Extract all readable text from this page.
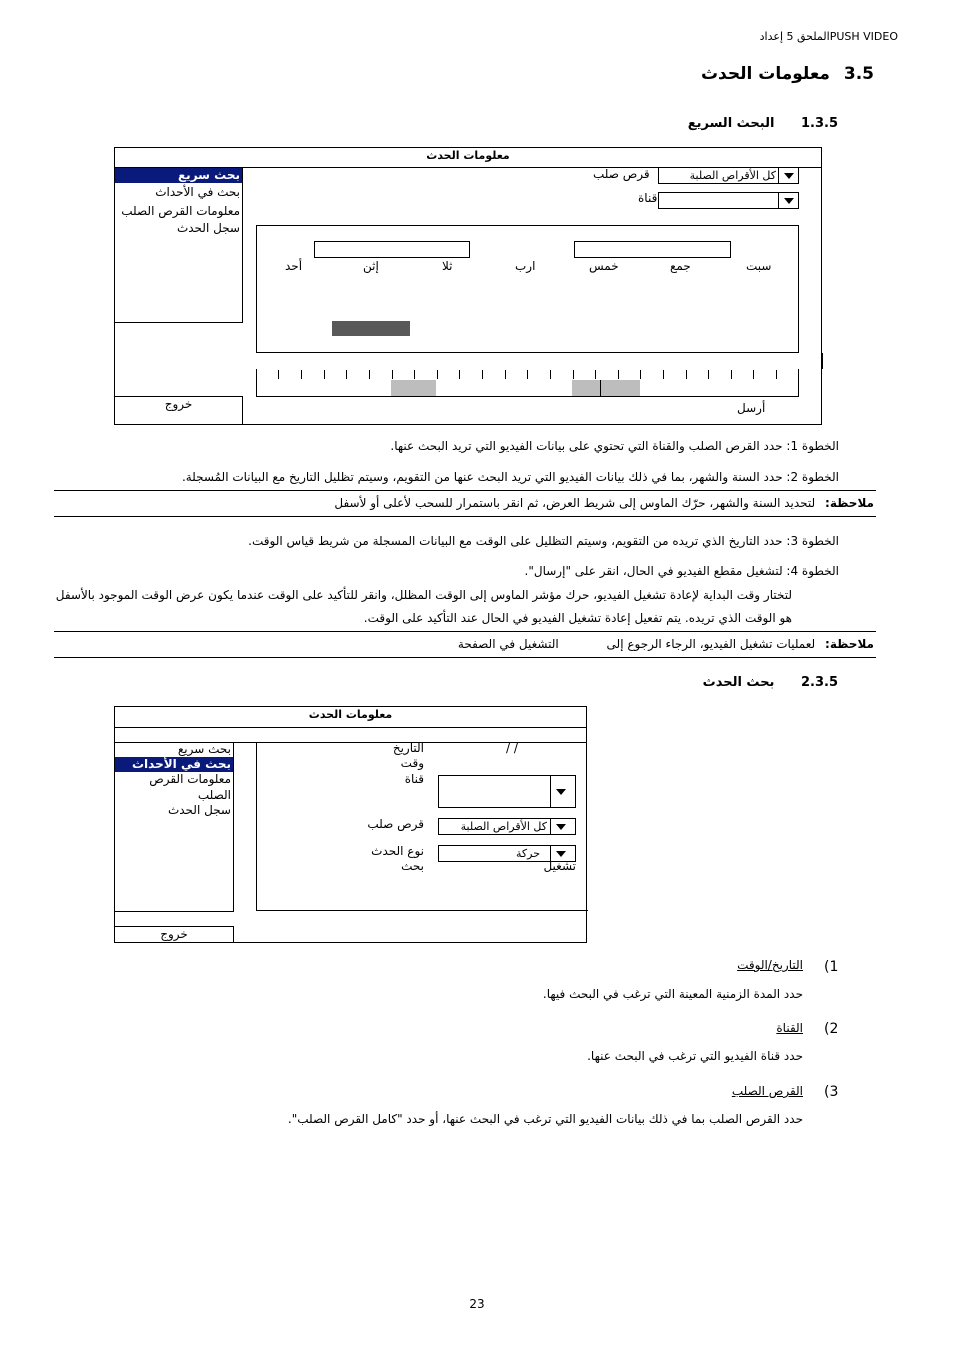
الملحق 5 إعدادPUSH VIDEO
3.5 معلومات الحدث
1.3.5 البحث السريع
معلومات الحدث
بحث سريع
بحث في الأحداث
معلومات القرص الصلب
سجل الحدث
خروج
قرص صلب	كل الأقراص الصلبة
قناة
أحد	إثن	ثلا	ارب	خمس	جمع	سبت
أرسل
الخطوة 1: حدد القرص الصلب والقناة التي تحتوي على بيانات الفيديو التي تريد البحث عنها.
الخطوة 2: حدد السنة والشهر، بما في ذلك بيانات الفيديو التي تريد البحث عنها من التقويم، وسيتم تظليل التاريخ مع البيانات المُسجلة.
ملاحظة: لتحديد السنة والشهر، حرّك الماوس إلى شريط العرض، ثم انقر باستمرار للسحب لأعلى أو لأسفل
الخطوة 3: حدد التاريخ الذي تريده من التقويم، وسيتم التظليل على الوقت مع البيانات المسجلة من شريط قياس الوقت.
الخطوة 4: لتشغيل مقطع الفيديو في الحال، انقر على "إرسال".
لتختار وقت البداية لإعادة تشغيل الفيديو، حرك مؤشر الماوس إلى الوقت المظلل، وانقر للتأكيد على الوقت عندما يكون عرض الوقت الموجود بالأسفل
هو الوقت الذي تريده. يتم تفعيل إعادة تشغيل الفيديو في الحال عند التأكيد على الوقت.
ملاحظة: لعمليات تشغيل الفيديو، الرجاء الرجوع إلى التشغيل في الصفحة
2.3.5 بحث الحدث
معلومات الحدث
بحث سريع
بحث في الأحداث
معلومات القرص
الصلب
سجل الحدث
خروج
التاريخ	/ /
وقت
قناة
قرص صلب	كل الأقراص الصلبة
نوع الحدث	حركة
بحث	تشغيل
(1
التاريخ/الوقت
حدد المدة الزمنية المعينة التي ترغب في البحث فيها.
(2
القناة
حدد قناة الفيديو التي ترغب في البحث عنها.
(3
القرص الصلب
حدد القرص الصلب بما في ذلك بيانات الفيديو التي ترغب في البحث عنها، أو حدد "كامل القرص الصلب".
23
